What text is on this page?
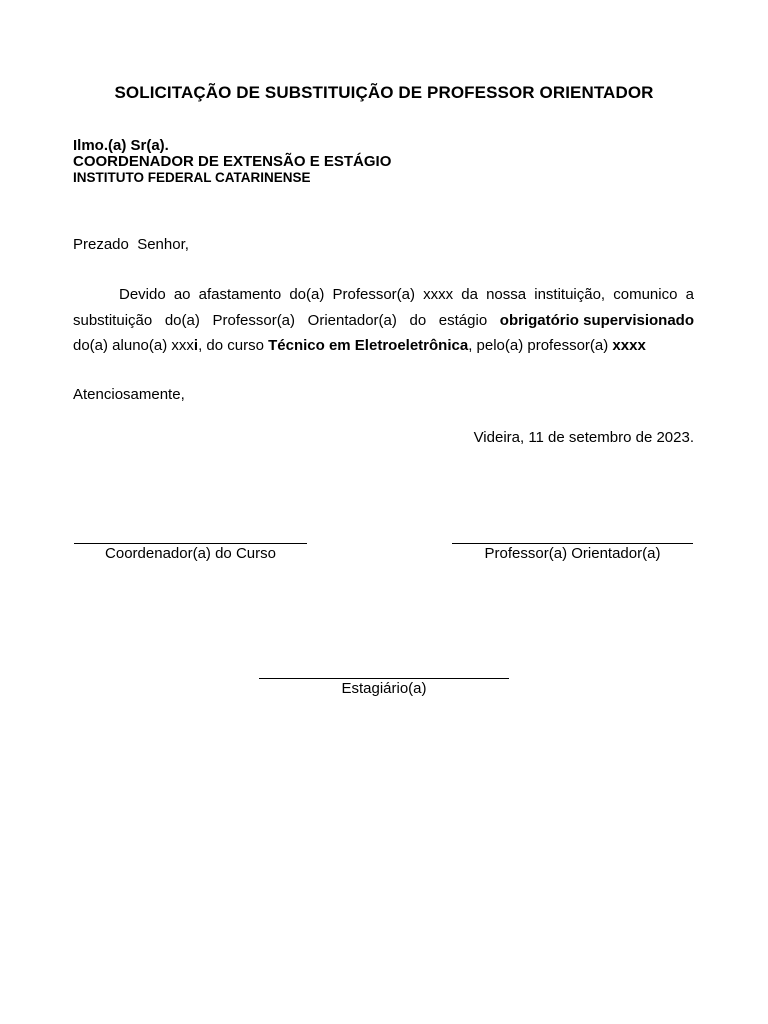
SOLICITAÇÃO DE SUBSTITUIÇÃO DE PROFESSOR ORIENTADOR
Ilmo.(a) Sr(a).
COORDENADOR DE EXTENSÃO E ESTÁGIO
INSTITUTO FEDERAL CATARINENSE
Prezado  Senhor,
Devido ao afastamento do(a) Professor(a) xxxx da nossa instituição, comunico a
substituição do(a) Professor(a) Orientador(a) do estágio obrigatório supervisionado
do(a) aluno(a) xxxi, do curso Técnico em Eletroeletrônica, pelo(a) professor(a) xxxx
Atenciosamente,
Videira, 11 de setembro de 2023.
Coordenador(a) do Curso	Professor(a) Orientador(a)
Estagiário(a)
